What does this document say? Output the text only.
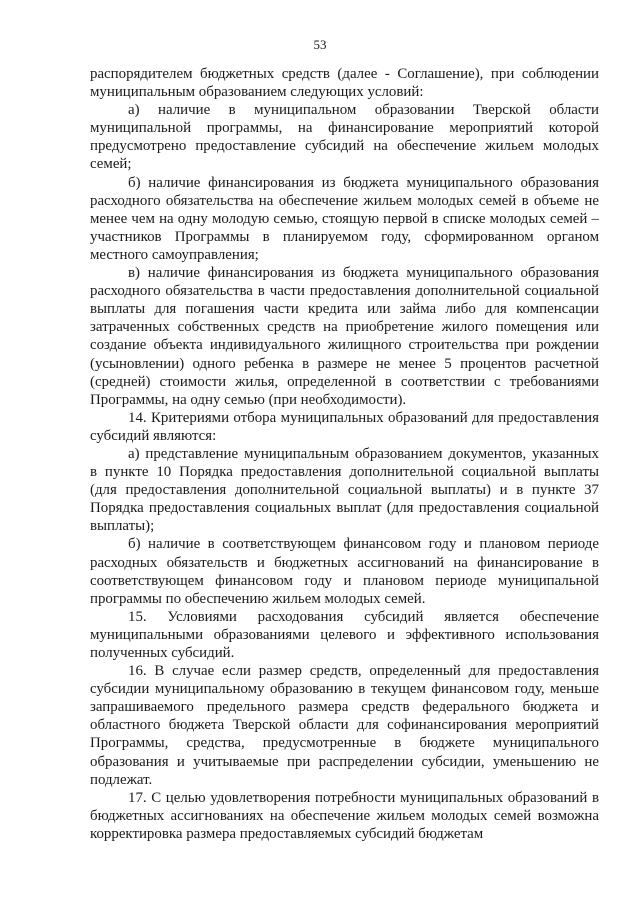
53

распорядителем бюджетных средств (далее - Соглашение), при соблюдении муниципальным образованием следующих условий:

а) наличие в муниципальном образовании Тверской области муниципальной программы, на финансирование мероприятий которой предусмотрено предоставление субсидий на обеспечение жильем молодых семей;

б) наличие финансирования из бюджета муниципального образования расходного обязательства на обеспечение жильем молодых семей в объеме не менее чем на одну молодую семью, стоящую первой в списке молодых семей – участников Программы в планируемом году, сформированном органом местного самоуправления;

в) наличие финансирования из бюджета муниципального образования расходного обязательства в части предоставления дополнительной социальной выплаты для погашения части кредита или займа либо для компенсации затраченных собственных средств на приобретение жилого помещения или создание объекта индивидуального жилищного строительства при рождении (усыновлении) одного ребенка в размере не менее 5 процентов расчетной (средней) стоимости жилья, определенной в соответствии с требованиями Программы, на одну семью (при необходимости).

14. Критериями отбора муниципальных образований для предоставления субсидий являются:

а) представление муниципальным образованием документов, указанных в пункте 10 Порядка предоставления дополнительной социальной выплаты (для предоставления дополнительной социальной выплаты) и в пункте 37 Порядка предоставления социальных выплат (для предоставления социальной выплаты);

б) наличие в соответствующем финансовом году и плановом периоде расходных обязательств и бюджетных ассигнований на финансирование в соответствующем финансовом году и плановом периоде муниципальной программы по обеспечению жильем молодых семей.

15. Условиями расходования субсидий является обеспечение муниципальными образованиями целевого и эффективного использования полученных субсидий.

16. В случае если размер средств, определенный для предоставления субсидии муниципальному образованию в текущем финансовом году, меньше запрашиваемого предельного размера средств федерального бюджета и областного бюджета Тверской области для софинансирования мероприятий Программы, средства, предусмотренные в бюджете муниципального образования и учитываемые при распределении субсидии, уменьшению не подлежат.

17. С целью удовлетворения потребности муниципальных образований в бюджетных ассигнованиях на обеспечение жильем молодых семей возможна корректировка размера предоставляемых субсидий бюджетам
